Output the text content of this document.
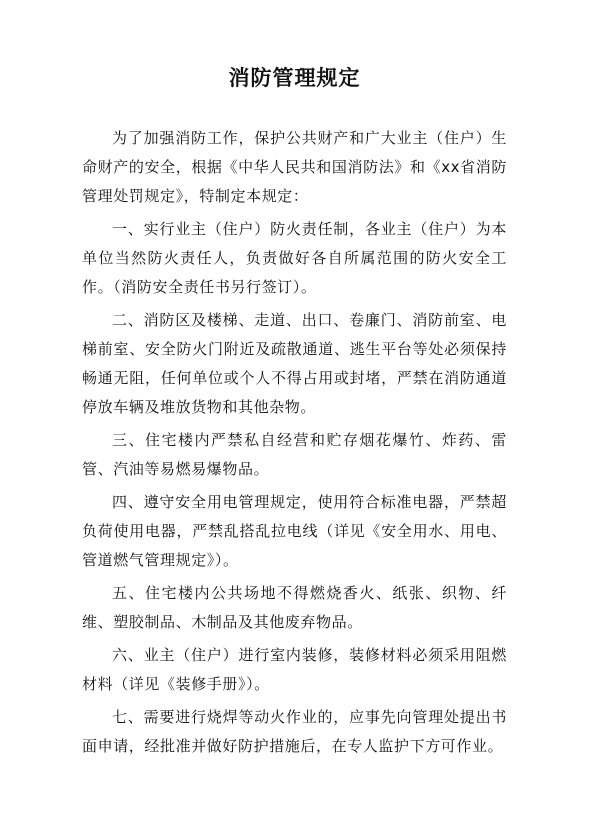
消防管理规定

为了加强消防工作，保护公共财产和广大业主（住户）生命财产的安全，根据《中华人民共和国消防法》和《xx省消防管理处罚规定》，特制定本规定：

一、实行业主（住户）防火责任制，各业主（住户）为本单位当然防火责任人，负责做好各自所属范围的防火安全工作。（消防安全责任书另行签订）。

二、消防区及楼梯、走道、出口、卷廉门、消防前室、电梯前室、安全防火门附近及疏散通道、逃生平台等处必须保持畅通无阻，任何单位或个人不得占用或封堵，严禁在消防通道停放车辆及堆放货物和其他杂物。

三、住宅楼内严禁私自经营和贮存烟花爆竹、炸药、雷管、汽油等易燃易爆物品。

四、遵守安全用电管理规定，使用符合标准电器，严禁超负荷使用电器，严禁乱搭乱拉电线（详见《安全用水、用电、管道燃气管理规定》）。

五、住宅楼内公共场地不得燃烧香火、纸张、织物、纤维、塑胶制品、木制品及其他废弃物品。

六、业主（住户）进行室内装修，装修材料必须采用阻燃材料（详见《装修手册》）。

七、需要进行烧焊等动火作业的，应事先向管理处提出书面申请，经批准并做好防护措施后，在专人监护下方可作业。
